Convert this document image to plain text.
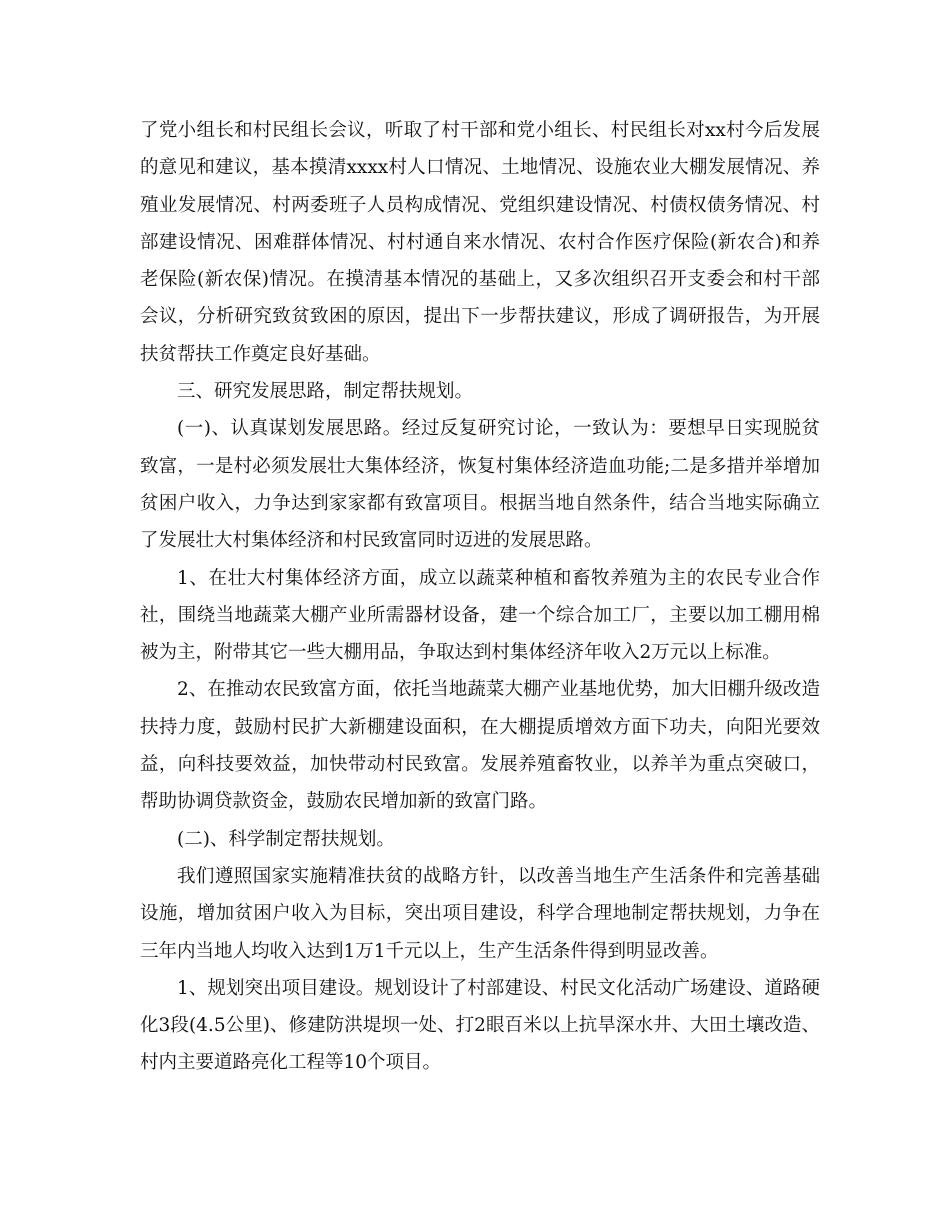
了党小组长和村民组长会议，听取了村干部和党小组长、村民组长对xx村今后发展的意见和建议，基本摸清xxxx村人口情况、土地情况、设施农业大棚发展情况、养殖业发展情况、村两委班子人员构成情况、党组织建设情况、村债权债务情况、村部建设情况、困难群体情况、村村通自来水情况、农村合作医疗保险(新农合)和养老保险(新农保)情况。在摸清基本情况的基础上，又多次组织召开支委会和村干部会议，分析研究致贫致困的原因，提出下一步帮扶建议，形成了调研报告，为开展扶贫帮扶工作奠定良好基础。

三、研究发展思路，制定帮扶规划。

(一)、认真谋划发展思路。经过反复研究讨论，一致认为：要想早日实现脱贫致富，一是村必须发展壮大集体经济，恢复村集体经济造血功能;二是多措并举增加贫困户收入，力争达到家家都有致富项目。根据当地自然条件，结合当地实际确立了发展壮大村集体经济和村民致富同时迈进的发展思路。

1、在壮大村集体经济方面，成立以蔬菜种植和畜牧养殖为主的农民专业合作社，围绕当地蔬菜大棚产业所需器材设备，建一个综合加工厂，主要以加工棚用棉被为主，附带其它一些大棚用品，争取达到村集体经济年收入2万元以上标准。

2、在推动农民致富方面，依托当地蔬菜大棚产业基地优势，加大旧棚升级改造扶持力度，鼓励村民扩大新棚建设面积，在大棚提质增效方面下功夫，向阳光要效益，向科技要效益，加快带动村民致富。发展养殖畜牧业，以养羊为重点突破口，帮助协调贷款资金，鼓励农民增加新的致富门路。

(二)、科学制定帮扶规划。

我们遵照国家实施精准扶贫的战略方针，以改善当地生产生活条件和完善基础设施，增加贫困户收入为目标，突出项目建设，科学合理地制定帮扶规划，力争在三年内当地人均收入达到1万1千元以上，生产生活条件得到明显改善。

1、规划突出项目建设。规划设计了村部建设、村民文化活动广场建设、道路硬化3段(4.5公里)、修建防洪堤坝一处、打2眼百米以上抗旱深水井、大田土壤改造、村内主要道路亮化工程等10个项目。
